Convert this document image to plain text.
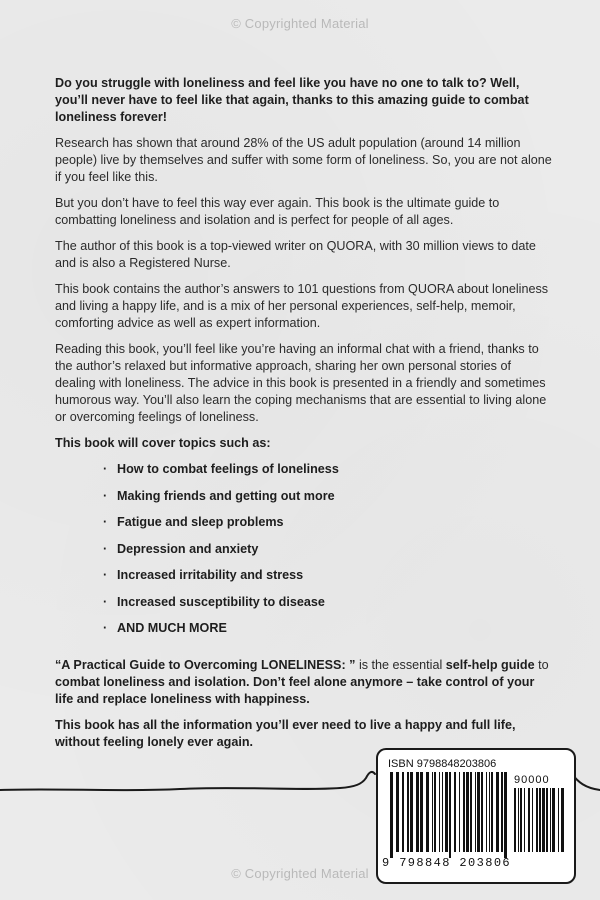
© Copyrighted Material

Do you struggle with loneliness and feel like you have no one to talk to? Well, you’ll never have to feel like that again, thanks to this amazing guide to combat loneliness forever!

Research has shown that around 28% of the US adult population (around 14 million people) live by themselves and suffer with some form of loneliness. So, you are not alone if you feel like this.

But you don’t have to feel this way ever again. This book is the ultimate guide to combatting loneliness and isolation and is perfect for people of all ages.

The author of this book is a top-viewed writer on QUORA, with 30 million views to date and is also a Registered Nurse.

This book contains the author’s answers to 101 questions from QUORA about loneliness and living a happy life, and is a mix of her personal experiences, self-help, memoir, comforting advice as well as expert information.

Reading this book, you’ll feel like you’re having an informal chat with a friend, thanks to the author’s relaxed but informative approach, sharing her own personal stories of dealing with loneliness. The advice in this book is presented in a friendly and sometimes humorous way. You’ll also learn the coping mechanisms that are essential to living alone or overcoming feelings of loneliness.

This book will cover topics such as:

· How to combat feelings of loneliness
· Making friends and getting out more
· Fatigue and sleep problems
· Depression and anxiety
· Increased irritability and stress
· Increased susceptibility to disease
· AND MUCH MORE

“A Practical Guide to Overcoming LONELINESS: ” is the essential self-help guide to combat loneliness and isolation. Don’t feel alone anymore – take control of your life and replace loneliness with happiness.

This book has all the information you’ll ever need to live a happy and full life, without feeling lonely ever again.

ISBN 9798848203806
90000
9 798848 203806
© Copyrighted Material
